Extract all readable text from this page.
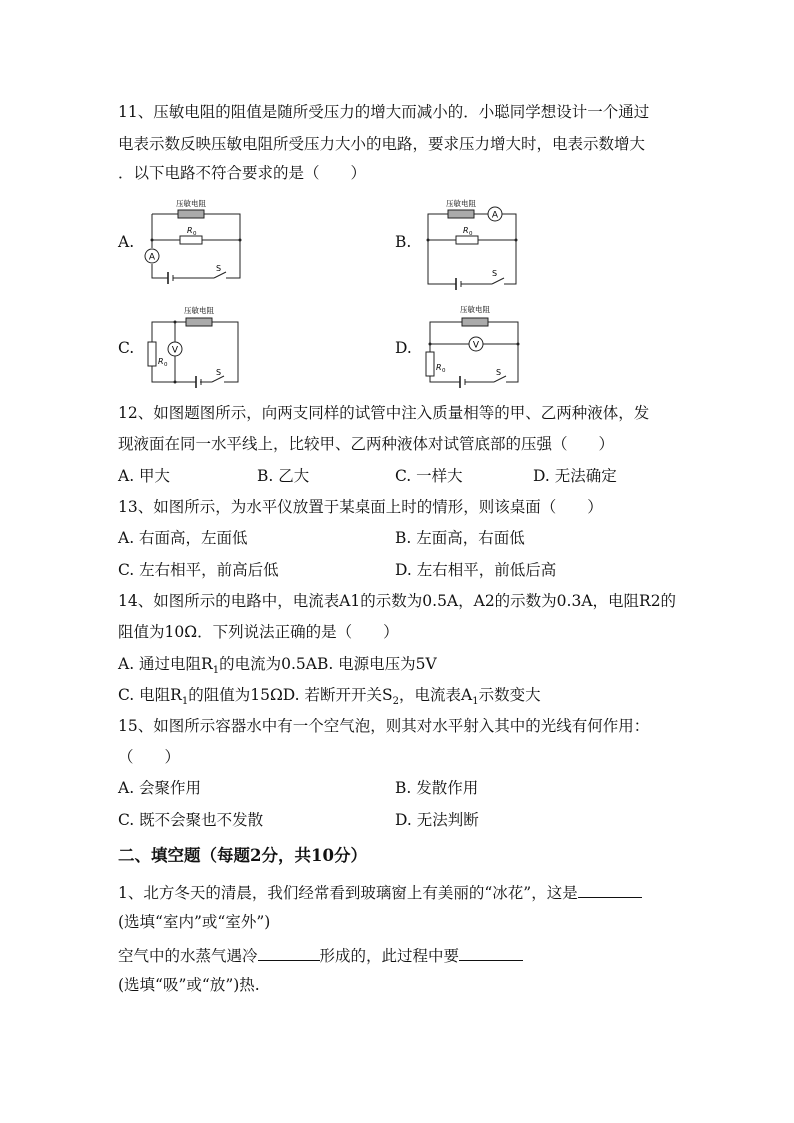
11、压敏电阻的阻值是随所受压力的增大而减小的．小聪同学想设计一个通过
电表示数反映压敏电阻所受压力大小的电路，要求压力增大时，电表示数增大
．以下电路不符合要求的是（　　）
A.
A
压敏电阻
R 0
S
B.
A
压敏电阻
R 0
S
C.	V
压敏电阻
R 0
S
D.	V
压敏电阻
R 0	S
12、如图题图所示，向两支同样的试管中注入质量相等的甲、乙两种液体，发
现液面在同一水平线上，比较甲、乙两种液体对试管底部的压强（　　）
A. 甲大	B. 乙大	C. 一样大	D. 无法确定
13、如图所示，为水平仪放置于某桌面上时的情形，则该桌面（　　）
A. 右面高，左面低	B. 左面高，右面低
C. 左右相平，前高后低	D. 左右相平，前低后高
14、如图所示的电路中，电流表A1的示数为0.5A，A2的示数为0.3A，电阻R2的
阻值为10Ω．下列说法正确的是（　　）
A. 通过电阻$R_1$的电流为0.5AB. 电源电压为5V
C. 电阻$R_1$的阻值为15ΩD. 若断开开关$S_2$，电流表$A_1$示数变大
15、如图所示容器水中有一个空气泡，则其对水平射入其中的光线有何作用：
（　　）
A. 会聚作用	B. 发散作用
C. 既不会聚也不发散	D. 无法判断
二、填空题（每题2分，共10分）
1、北方冬天的清晨，我们经常看到玻璃窗上有美丽的“冰花”，这是
(选填“室内”或“室外”)
空气中的水蒸气遇冷	形成的，此过程中要
(选填“吸”或“放”)热.
